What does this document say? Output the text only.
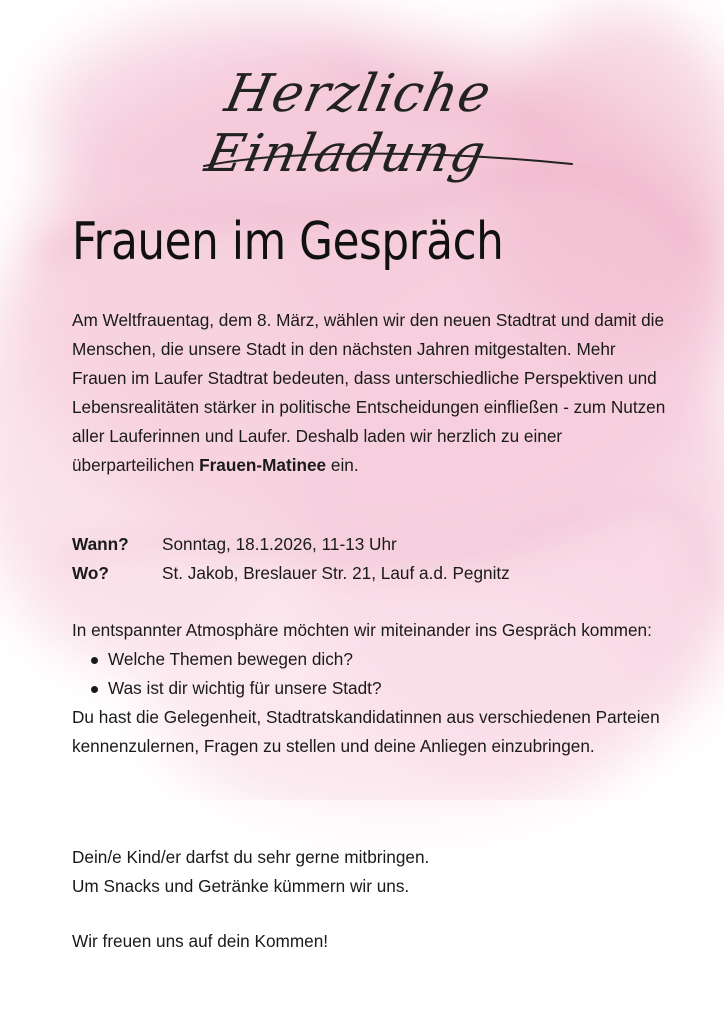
Herzliche Einladung
Frauen im Gespräch

Am Weltfrauentag, dem 8. März, wählen wir den neuen Stadtrat und damit die Menschen, die unsere Stadt in den nächsten Jahren mitgestalten. Mehr Frauen im Laufer Stadtrat bedeuten, dass unterschiedliche Perspektiven und Lebensrealitäten stärker in politische Entscheidungen einfließen - zum Nutzen aller Lauferinnen und Laufer. Deshalb laden wir herzlich zu einer überparteilichen Frauen-Matinee ein.

Wann?	Sonntag, 18.1.2026, 11-13 Uhr
Wo?	St. Jakob, Breslauer Str. 21, Lauf a.d. Pegnitz
In entspannter Atmosphäre möchten wir miteinander ins Gespräch kommen:
Welche Themen bewegen dich?
Was ist dir wichtig für unsere Stadt?
Du hast die Gelegenheit, Stadtratskandidatinnen aus verschiedenen Parteien kennenzulernen, Fragen zu stellen und deine Anliegen einzubringen.
Dein/e Kind/er darfst du sehr gerne mitbringen.
Um Snacks und Getränke kümmern wir uns.
Wir freuen uns auf dein Kommen!
